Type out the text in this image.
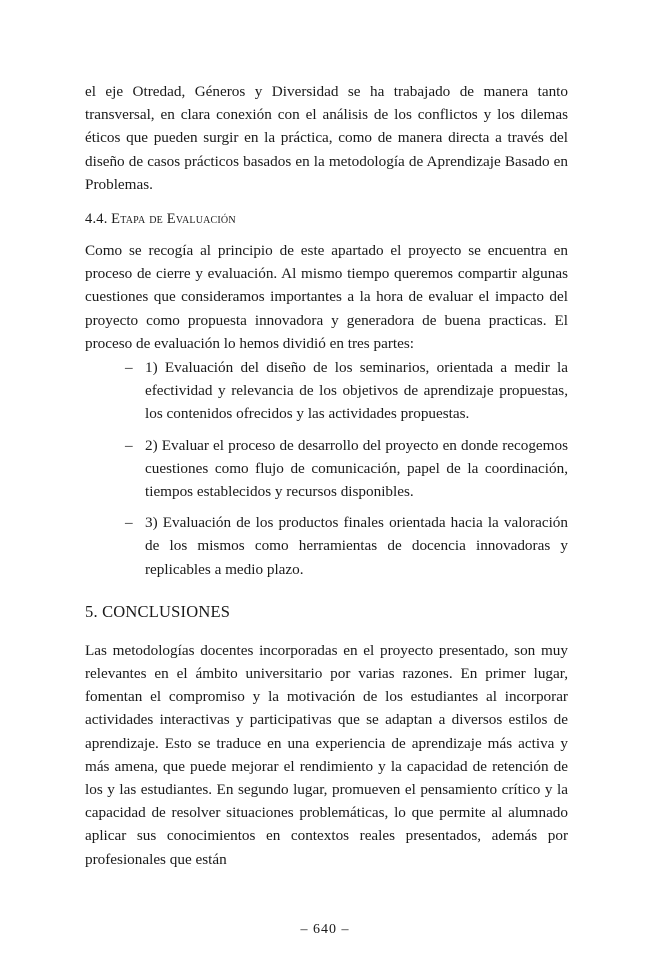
el eje Otredad, Géneros y Diversidad se ha trabajado de manera tanto transversal, en clara conexión con el análisis de los conflictos y los dilemas éticos que pueden surgir en la práctica, como de manera directa a través del diseño de casos prácticos basados en la metodología de Aprendizaje Basado en Problemas.

4.4. Etapa de Evaluación

Como se recogía al principio de este apartado el proyecto se encuentra en proceso de cierre y evaluación. Al mismo tiempo queremos compartir algunas cuestiones que consideramos importantes a la hora de evaluar el impacto del proyecto como propuesta innovadora y generadora de buena practicas. El proceso de evaluación lo hemos dividió en tres partes:

– 1) Evaluación del diseño de los seminarios, orientada a medir la efectividad y relevancia de los objetivos de aprendizaje propuestas, los contenidos ofrecidos y las actividades propuestas.

– 2) Evaluar el proceso de desarrollo del proyecto en donde recogemos cuestiones como flujo de comunicación, papel de la coordinación, tiempos establecidos y recursos disponibles.

– 3) Evaluación de los productos finales orientada hacia la valoración de los mismos como herramientas de docencia innovadoras y replicables a medio plazo.

5. CONCLUSIONES

Las metodologías docentes incorporadas en el proyecto presentado, son muy relevantes en el ámbito universitario por varias razones. En primer lugar, fomentan el compromiso y la motivación de los estudiantes al incorporar actividades interactivas y participativas que se adaptan a diversos estilos de aprendizaje. Esto se traduce en una experiencia de aprendizaje más activa y más amena, que puede mejorar el rendimiento y la capacidad de retención de los y las estudiantes. En segundo lugar, promueven el pensamiento crítico y la capacidad de resolver situaciones problemáticas, lo que permite al alumnado aplicar sus conocimientos en contextos reales presentados, además por profesionales que están

– 640 –
